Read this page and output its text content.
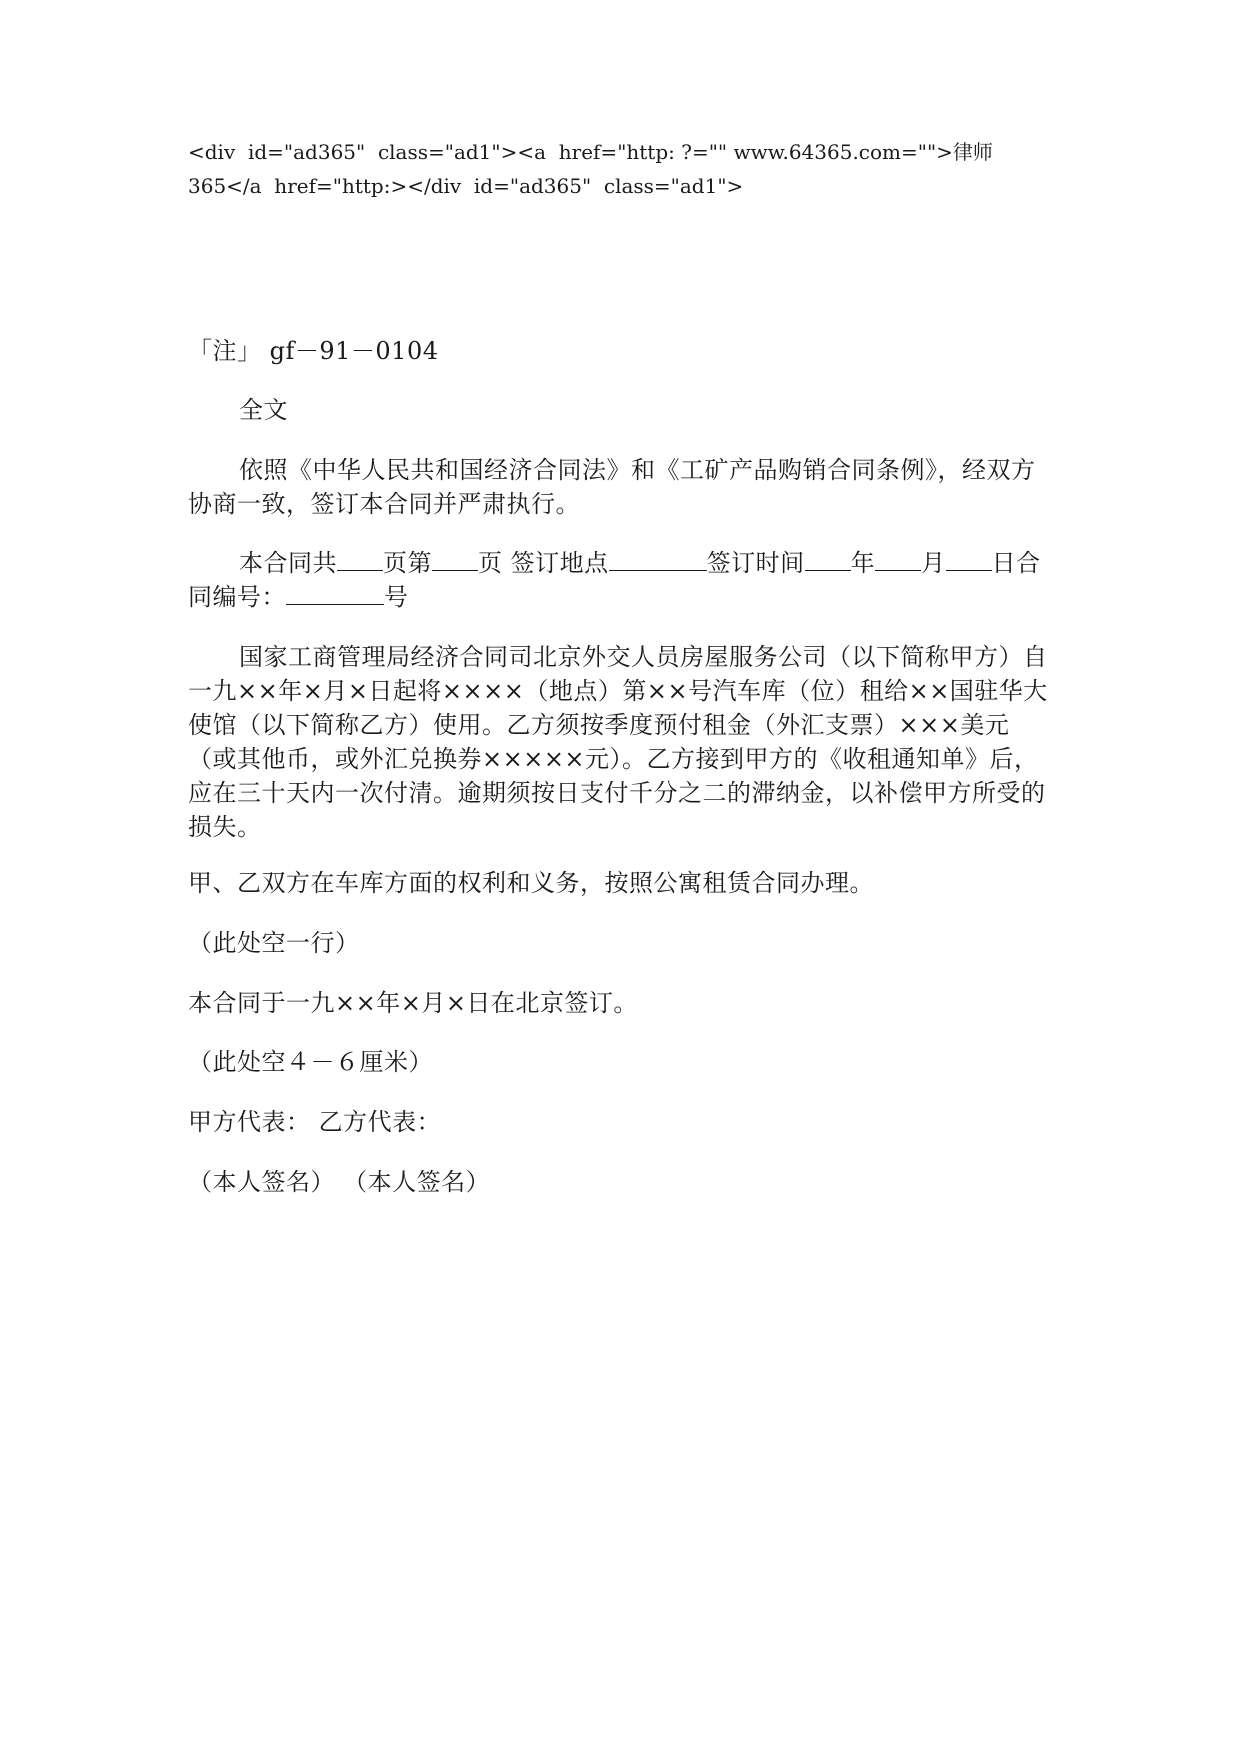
<div  id="ad365"  class="ad1"><a  href="http: ?="" www.64365.com="">律师
365</a  href="http:></div  id="ad365"  class="ad1">
「注」 gf－91－0104
全文
依照《中华人民共和国经济合同法》和《工矿产品购销合同条例》，经双方协商一致，签订本合同并严肃执行。
本合同共 页第 页 签订地点	签订时间 年 月 日合同编号：	号
国家工商管理局经济合同司北京外交人员房屋服务公司（以下简称甲方）自一九××年×月×日起将××××（地点）第××号汽车库（位）租给××国驻华大使馆（以下简称乙方）使用。乙方须按季度预付租金（外汇支票）×××美元（或其他币，或外汇兑换券×××××元）。乙方接到甲方的《收租通知单》后，应在三十天内一次付清。逾期须按日支付千分之二的滞纳金，以补偿甲方所受的损失。
甲、乙双方在车库方面的权利和义务，按照公寓租赁合同办理。
（此处空一行）
本合同于一九××年×月×日在北京签订。
（此处空４－６厘米）
甲方代表： 乙方代表：
（本人签名） （本人签名）
